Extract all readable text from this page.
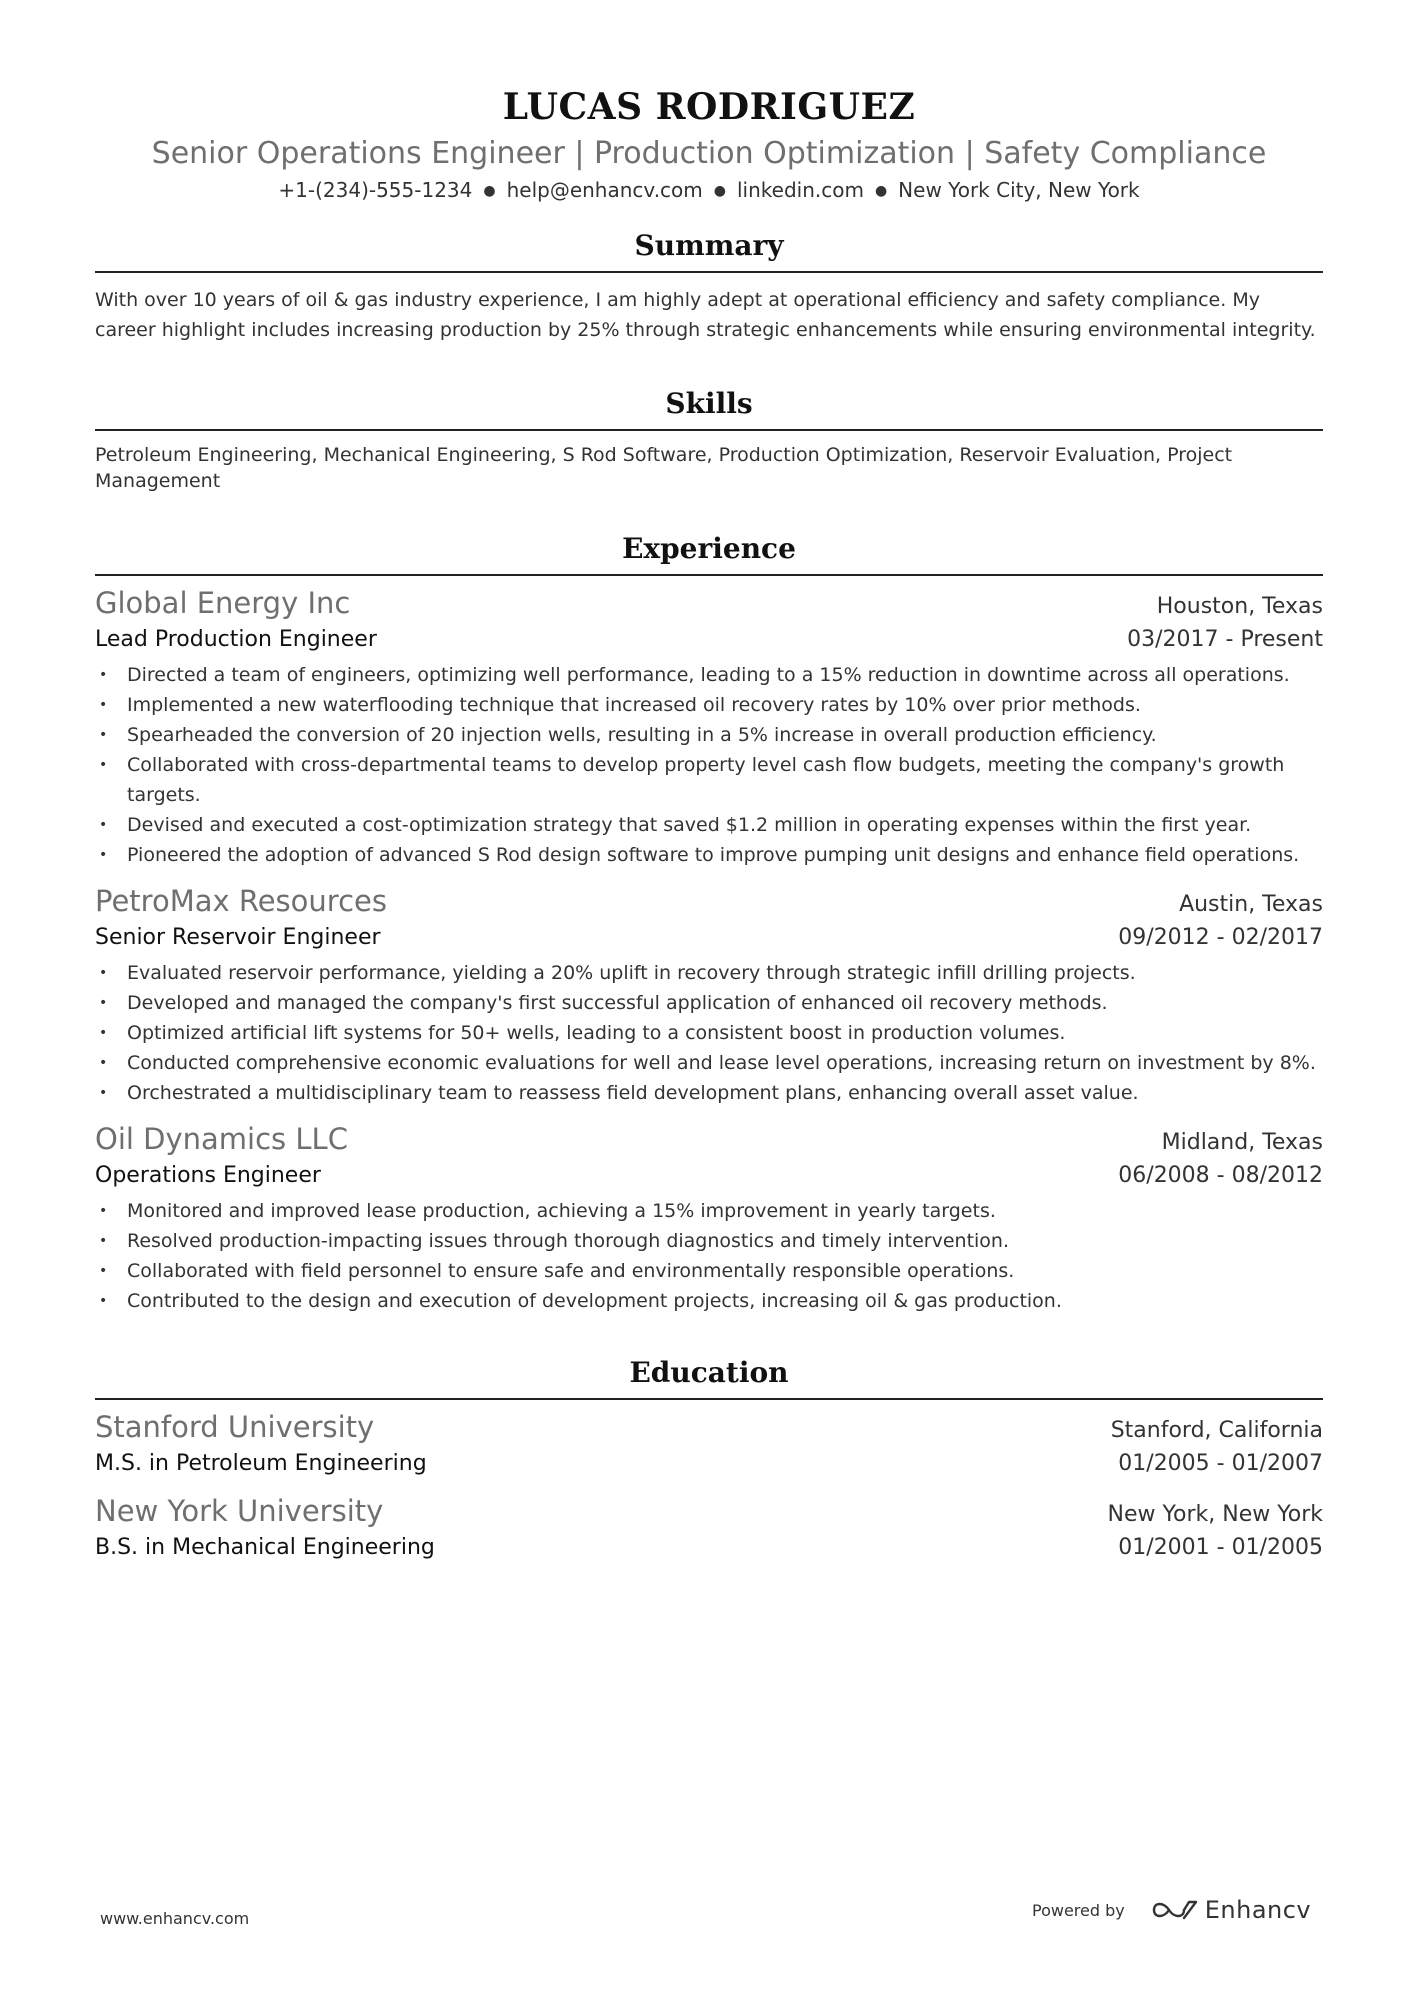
LUCAS RODRIGUEZ
Senior Operations Engineer | Production Optimization | Safety Compliance
+1-(234)-555-1234 ● help@enhancv.com ● linkedin.com ● New York City, New York
Summary
With over 10 years of oil & gas industry experience, I am highly adept at operational efficiency and safety compliance. My career highlight includes increasing production by 25% through strategic enhancements while ensuring environmental integrity.
Skills
Petroleum Engineering, Mechanical Engineering, S Rod Software, Production Optimization, Reservoir Evaluation, Project Management
Experience
Global Energy Inc	Houston, Texas
Lead Production Engineer	03/2017 - Present
• Directed a team of engineers, optimizing well performance, leading to a 15% reduction in downtime across all operations.
• Implemented a new waterflooding technique that increased oil recovery rates by 10% over prior methods.
• Spearheaded the conversion of 20 injection wells, resulting in a 5% increase in overall production efficiency.
• Collaborated with cross-departmental teams to develop property level cash flow budgets, meeting the company's growth targets.
• Devised and executed a cost-optimization strategy that saved $1.2 million in operating expenses within the first year.
• Pioneered the adoption of advanced S Rod design software to improve pumping unit designs and enhance field operations.
PetroMax Resources	Austin, Texas
Senior Reservoir Engineer	09/2012 - 02/2017
• Evaluated reservoir performance, yielding a 20% uplift in recovery through strategic infill drilling projects.
• Developed and managed the company's first successful application of enhanced oil recovery methods.
• Optimized artificial lift systems for 50+ wells, leading to a consistent boost in production volumes.
• Conducted comprehensive economic evaluations for well and lease level operations, increasing return on investment by 8%.
• Orchestrated a multidisciplinary team to reassess field development plans, enhancing overall asset value.
Oil Dynamics LLC	Midland, Texas
Operations Engineer	06/2008 - 08/2012
• Monitored and improved lease production, achieving a 15% improvement in yearly targets.
• Resolved production-impacting issues through thorough diagnostics and timely intervention.
• Collaborated with field personnel to ensure safe and environmentally responsible operations.
• Contributed to the design and execution of development projects, increasing oil & gas production.
Education
Stanford University	Stanford, California
M.S. in Petroleum Engineering	01/2005 - 01/2007
New York University	New York, New York
B.S. in Mechanical Engineering	01/2001 - 01/2005
www.enhancv.com	Powered by	Enhancv
